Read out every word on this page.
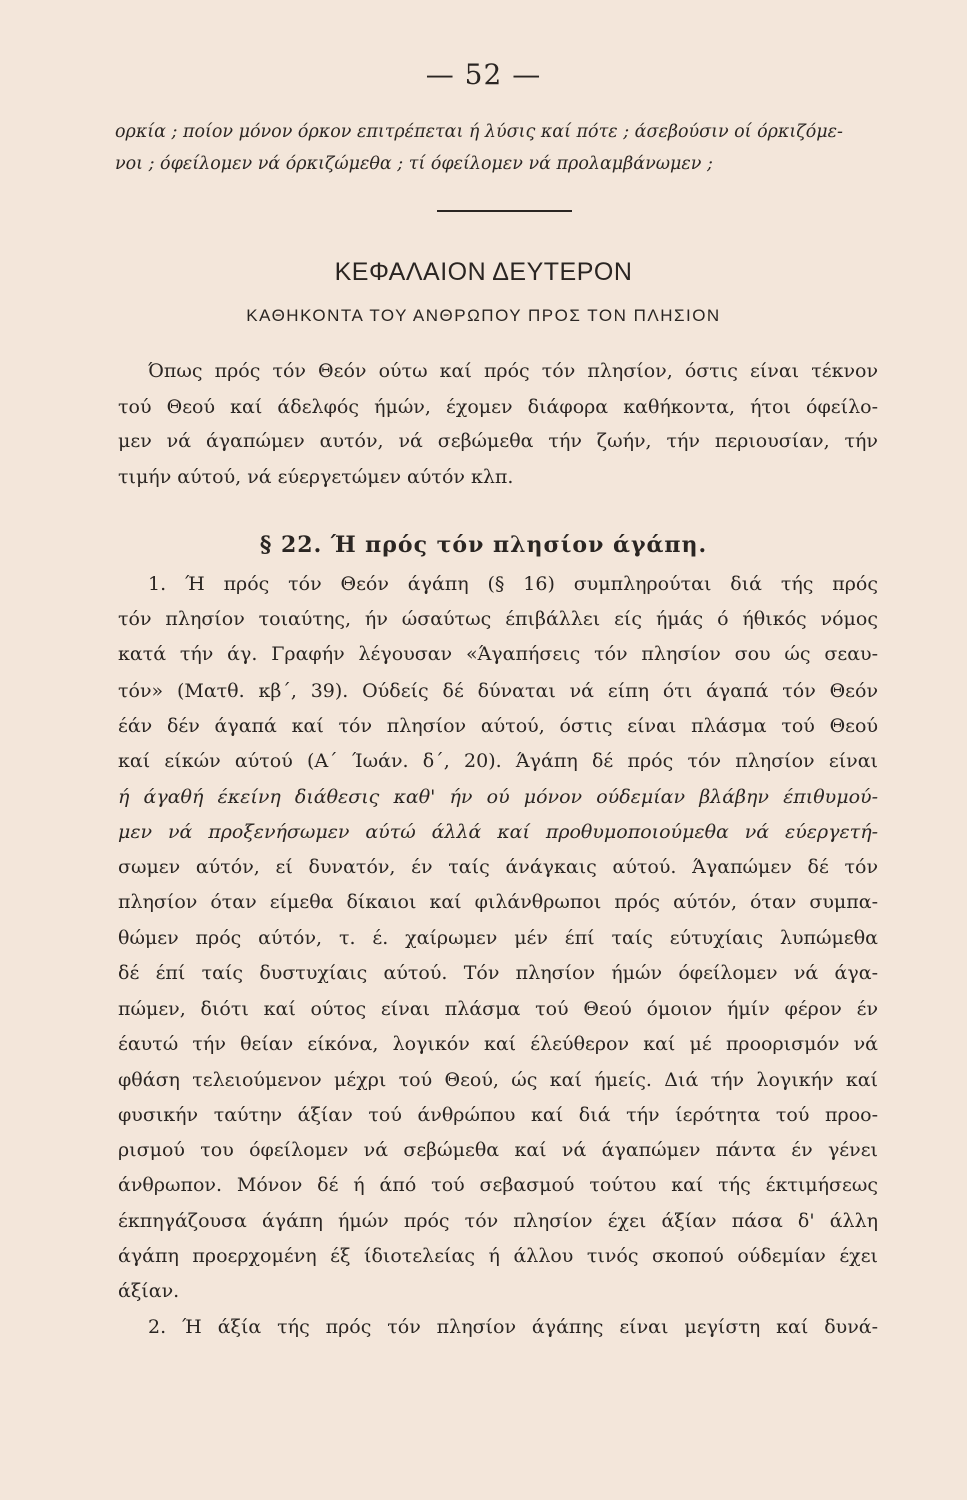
— 52 —
ορκία ; ποίον μόνον όρκον επιτρέπεται ή λύσις καί πότε ; άσεβούσιν οί όρκιζόμε-
νοι ; όφείλομεν νά όρκιζώμεθα ; τί όφείλομεν νά προλαμβάνωμεν ;
ΚΕΦΑΛΑΙΟΝ ΔΕΥΤΕΡΟΝ
ΚΑΘΗΚΟΝΤΑ ΤΟΥ ΑΝΘΡΩΠΟΥ ΠΡΟΣ ΤΟΝ ΠΛΗΣΙΟΝ
Όπως πρός τόν Θεόν ούτω καί πρός τόν πλησίον, όστις είναι τέκνον
τού Θεού καί άδελφός ήμών, έχομεν διάφορα καθήκοντα, ήτοι όφείλο-
μεν νά άγαπώμεν αυτόν, νά σεβώμεθα τήν ζωήν, τήν περιουσίαν, τήν
τιμήν αύτού, νά εύεργετώμεν αύτόν κλπ.
§ 22. Ή πρός τόν πλησίον άγάπη.
1. Ή πρός τόν Θεόν άγάπη (§ 16) συμπληρούται διά τής πρός
τόν πλησίον τοιαύτης, ήν ώσαύτως έπιβάλλει είς ήμάς ό ήθικός νόμος
κατά τήν άγ. Γραφήν λέγουσαν «Άγαπήσεις τόν πλησίον σου ώς σεαυ-
τόν» (Ματθ. κβ΄, 39). Ούδείς δέ δύναται νά είπη ότι άγαπά τόν Θεόν
έάν δέν άγαπά καί τόν πλησίον αύτού, όστις είναι πλάσμα τού Θεού
καί είκών αύτού (Α΄ Ίωάν. δ΄, 20). Άγάπη δέ πρός τόν πλησίον είναι
ή άγαθή έκείνη διάθεσις καθ' ήν ού μόνον ούδεμίαν βλάβην έπιθυμού-
μεν νά προξενήσωμεν αύτώ άλλά καί προθυμοποιούμεθα νά εύεργετή-
σωμεν αύτόν, εί δυνατόν, έν ταίς άνάγκαις αύτού. Άγαπώμεν δέ τόν
πλησίον όταν είμεθα δίκαιοι καί φιλάνθρωποι πρός αύτόν, όταν συμπα-
θώμεν πρός αύτόν, τ. έ. χαίρωμεν μέν έπί ταίς εύτυχίαις λυπώμεθα
δέ έπί ταίς δυστυχίαις αύτού. Τόν πλησίον ήμών όφείλομεν νά άγα-
πώμεν, διότι καί ούτος είναι πλάσμα τού Θεού όμοιον ήμίν φέρον έν
έαυτώ τήν θείαν είκόνα, λογικόν καί έλεύθερον καί μέ προορισμόν νά
φθάση τελειούμενον μέχρι τού Θεού, ώς καί ήμείς. Διά τήν λογικήν καί
φυσικήν ταύτην άξίαν τού άνθρώπου καί διά τήν ίερότητα τού προο-
ρισμού του όφείλομεν νά σεβώμεθα καί νά άγαπώμεν πάντα έν γένει
άνθρωπον. Μόνον δέ ή άπό τού σεβασμού τούτου καί τής έκτιμήσεως
έκπηγάζουσα άγάπη ήμών πρός τόν πλησίον έχει άξίαν πάσα δ' άλλη
άγάπη προερχομένη έξ ίδιοτελείας ή άλλου τινός σκοπού ούδεμίαν έχει
άξίαν.
2. Ή άξία τής πρός τόν πλησίον άγάπης είναι μεγίστη καί δυνά-
